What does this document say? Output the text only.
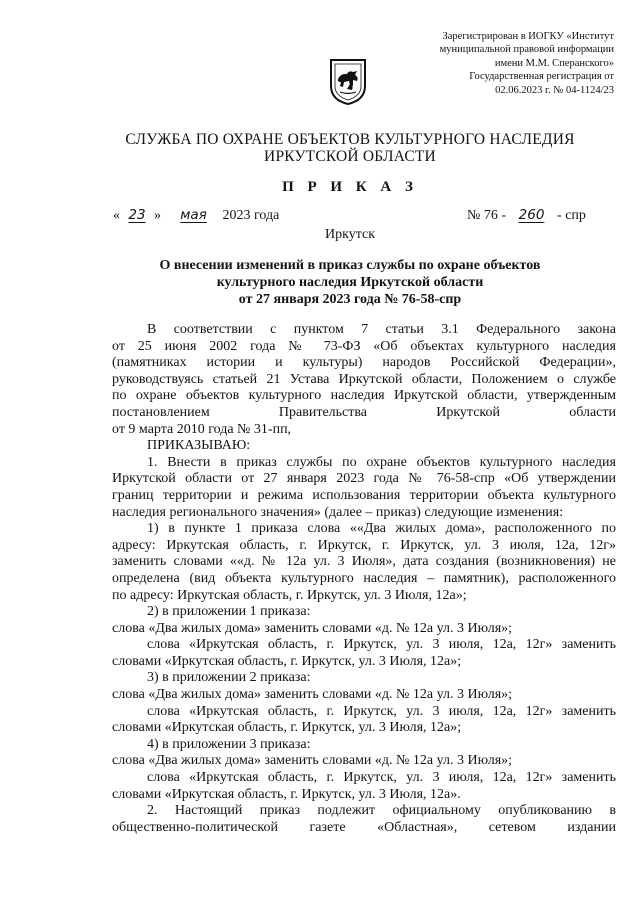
Зарегистрирован в ИОГКУ «Институт
муниципальной правовой информации
имени М.М. Сперанского»
Государственная регистрация от
02.06.2023 г. № 04-1124/23
СЛУЖБА ПО ОХРАНЕ ОБЪЕКТОВ КУЛЬТУРНОГО НАСЛЕДИЯ
ИРКУТСКОЙ ОБЛАСТИ
П Р И К А З
« 23 » мая 2023 года	№ 76 - 260 - спр
Иркутск
О внесении изменений в приказ службы по охране объектов
культурного наследия Иркутской области
от 27 января 2023 года № 76-58-спр
В соответствии с пунктом 7 статьи 3.1 Федерального закона
от 25 июня 2002 года № 73-ФЗ «Об объектах культурного наследия
(памятниках истории и культуры) народов Российской Федерации»,
руководствуясь статьей 21 Устава Иркутской области, Положением о службе
по охране объектов культурного наследия Иркутской области, утвержденным
постановлением Правительства Иркутской области
от 9 марта 2010 года № 31-пп,
ПРИКАЗЫВАЮ:
1. Внести в приказ службы по охране объектов культурного наследия
Иркутской области от 27 января 2023 года № 76-58-спр «Об утверждении
границ территории и режима использования территории объекта культурного
наследия регионального значения» (далее – приказ) следующие изменения:
1) в пункте 1 приказа слова ««Два жилых дома», расположенного по
адресу: Иркутская область, г. Иркутск, г. Иркутск, ул. 3 июля, 12а, 12г»
заменить словами ««д. № 12а ул. 3 Июля», дата создания (возникновения) не
определена (вид объекта культурного наследия – памятник), расположенного
по адресу: Иркутская область, г. Иркутск, ул. 3 Июля, 12а»;
2) в приложении 1 приказа:
слова «Два жилых дома» заменить словами «д. № 12а ул. 3 Июля»;
слова «Иркутская область, г. Иркутск, ул. 3 июля, 12а, 12г» заменить
словами «Иркутская область, г. Иркутск, ул. 3 Июля, 12а»;
3) в приложении 2 приказа:
слова «Два жилых дома» заменить словами «д. № 12а ул. 3 Июля»;
слова «Иркутская область, г. Иркутск, ул. 3 июля, 12а, 12г» заменить
словами «Иркутская область, г. Иркутск, ул. 3 Июля, 12а»;
4) в приложении 3 приказа:
слова «Два жилых дома» заменить словами «д. № 12а ул. 3 Июля»;
слова «Иркутская область, г. Иркутск, ул. 3 июля, 12а, 12г» заменить
словами «Иркутская область, г. Иркутск, ул. 3 Июля, 12а».
2. Настоящий приказ подлежит официальному опубликованию в
общественно-политической газете «Областная», сетевом издании
